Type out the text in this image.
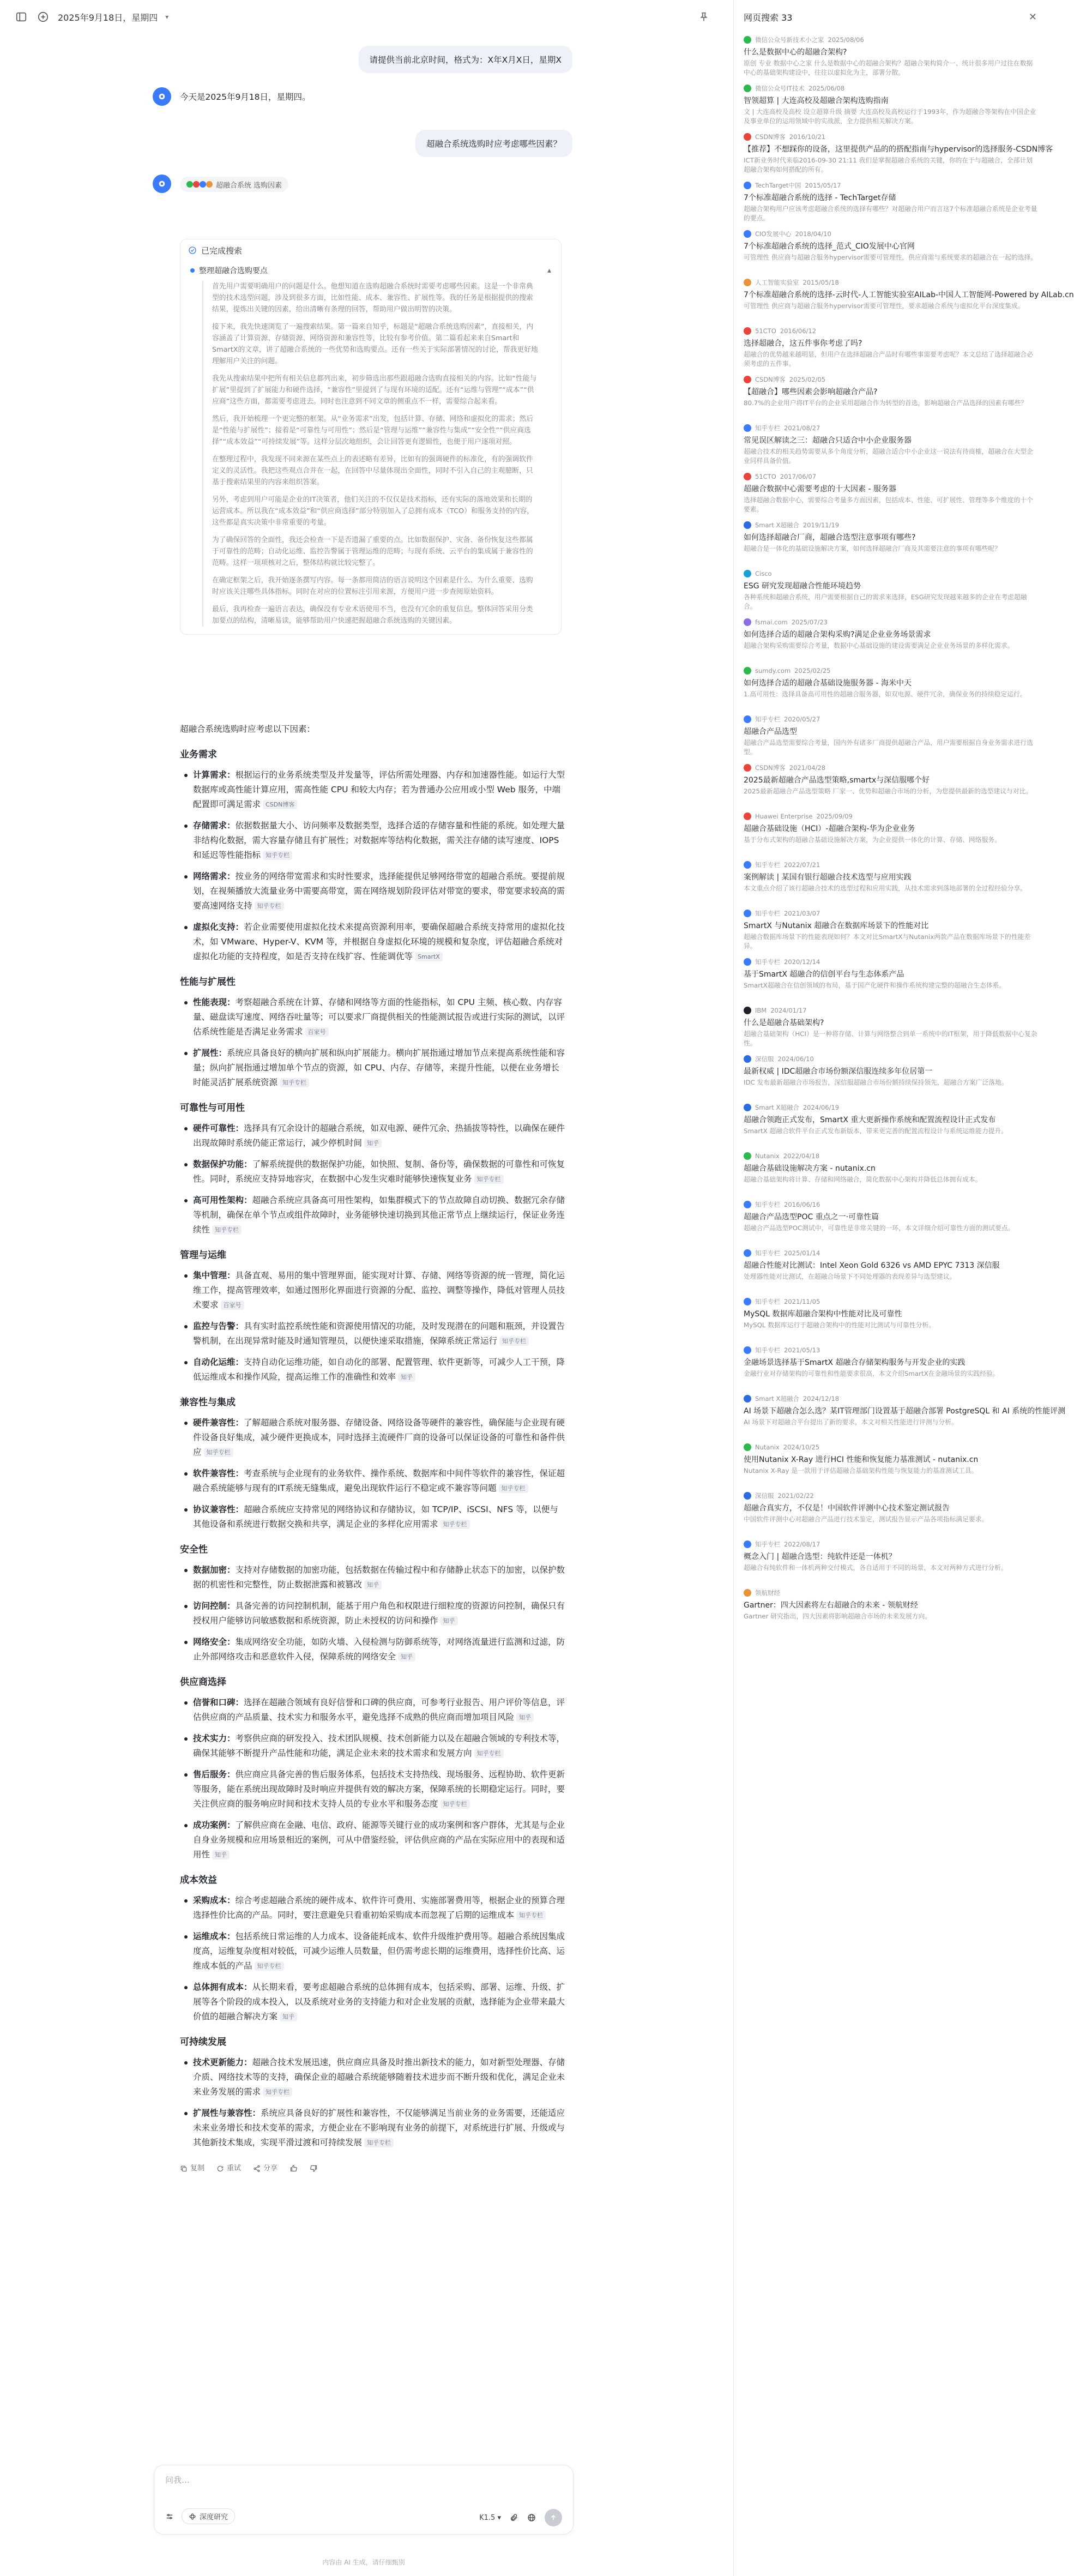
2025年9月18日，星期四 ▾
请提供当前北京时间，格式为：X年X月X日，星期X
今天是2025年9月18日，星期四。
超融合系统选购时应考虑哪些因素？
超融合系统 选购因素
已完成搜索
整理超融合选购要点	▴

首先用户需要明确用户的问题是什么。他想知道在选购超融合系统时需要考虑哪些因素。这是一个非常典型的技术选型问题，涉及到很多方面，比如性能、成本、兼容性、扩展性等。我的任务是根据提供的搜索结果，提炼出关键的因素，给出清晰有条理的回答，帮助用户做出明智的决策。

接下来，我先快速浏览了一遍搜索结果。第一篇来自知乎，标题是“超融合系统选购因素”，直接相关，内容涵盖了计算资源、存储资源、网络资源和兼容性等，比较有参考价值。第二篇看起来来自Smart和SmartX的文章，讲了超融合系统的一些优势和选购要点。还有一些关于实际部署情况的讨论，帮我更好地理解用户关注的问题。

我先从搜索结果中把所有相关信息都列出来，初步筛选出那些跟超融合选购直接相关的内容。比如“性能与扩展”里提到了扩展能力和硬件选择，“兼容性”里提到了与现有环境的适配。还有“运维与管理”“成本”“供应商”这些方面，都需要考虑进去。同时也注意到不同文章的侧重点不一样，需要综合起来看。

然后，我开始梳理一个更完整的框架。从“业务需求”出发，包括计算、存储、网络和虚拟化的需求；然后是“性能与扩展性”；接着是“可靠性与可用性”；然后是“管理与运维”“兼容性与集成”“安全性”“供应商选择”“成本效益”“可持续发展”等。这样分层次地组织，会让回答更有逻辑性，也便于用户逐项对照。

在整理过程中，我发现不同来源在某些点上的表述略有差异，比如有的强调硬件的标准化，有的强调软件定义的灵活性。我把这些观点合并在一起，在回答中尽量体现出全面性，同时不引入自己的主观臆断，只基于搜索结果里的内容来组织答案。

另外，考虑到用户可能是企业的IT决策者，他们关注的不仅仅是技术指标，还有实际的落地效果和长期的运营成本。所以我在“成本效益”和“供应商选择”部分特别加入了总拥有成本（TCO）和服务支持的内容，这些都是真实决策中非常重要的考量。

为了确保回答的全面性，我还会检查一下是否遗漏了重要的点。比如数据保护、灾备、备份恢复这些都属于可靠性的范畴；自动化运维、监控告警属于管理运维的范畴；与现有系统、云平台的集成属于兼容性的范畴。这样一项项核对之后，整体结构就比较完整了。

在确定框架之后，我开始逐条撰写内容。每一条都用简洁的语言说明这个因素是什么、为什么重要、选购时应该关注哪些具体指标。同时在对应的位置标注引用来源，方便用户进一步查阅原始资料。

最后，我再检查一遍语言表达，确保没有专业术语使用不当，也没有冗余的重复信息。整体回答采用分类加要点的结构，清晰易读，能够帮助用户快速把握超融合系统选购的关键因素。

超融合系统选购时应考虑以下因素：
业务需求
计算需求：根据运行的业务系统类型及并发量等，评估所需处理器、内存和加速器性能。如运行大型数据库或高性能计算应用，需高性能 CPU 和较大内存；若为普通办公应用或小型 Web 服务，中端配置即可满足需求 CSDN博客
存储需求：依据数据量大小、访问频率及数据类型，选择合适的存储容量和性能的系统。如处理大量非结构化数据，需大容量存储且有扩展性；对数据库等结构化数据，需关注存储的读写速度、IOPS 和延迟等性能指标 知乎专栏
网络需求：按业务的网络带宽需求和实时性要求，选择能提供足够网络带宽的超融合系统。要提前规划，在视频播放大流量业务中需要高带宽，需在网络规划阶段评估对带宽的要求，带宽要求较高的需要高速网络支持 知乎专栏
虚拟化支持：若企业需要使用虚拟化技术来提高资源利用率，要确保超融合系统支持常用的虚拟化技术，如 VMware、Hyper-V、KVM 等，并根据自身虚拟化环境的规模和复杂度，评估超融合系统对虚拟化功能的支持程度，如是否支持在线扩容、性能调优等 SmartX
性能与扩展性
性能表现：考察超融合系统在计算、存储和网络等方面的性能指标，如 CPU 主频、核心数、内存容量、磁盘读写速度、网络吞吐量等；可以要求厂商提供相关的性能测试报告或进行实际的测试，以评估系统性能是否满足业务需求 百家号
扩展性：系统应具备良好的横向扩展和纵向扩展能力。横向扩展指通过增加节点来提高系统性能和容量；纵向扩展指通过增加单个节点的资源，如 CPU、内存、存储等，来提升性能，以便在业务增长时能灵活扩展系统资源 知乎专栏
可靠性与可用性
硬件可靠性：选择具有冗余设计的超融合系统，如双电源、硬件冗余、热插拔等特性，以确保在硬件出现故障时系统仍能正常运行，减少停机时间 知乎
数据保护功能：了解系统提供的数据保护功能，如快照、复制、备份等，确保数据的可靠性和可恢复性。同时，系统应支持异地容灾，在数据中心发生灾难时能够快速恢复业务 知乎专栏
高可用性架构：超融合系统应具备高可用性架构，如集群模式下的节点故障自动切换、数据冗余存储等机制，确保在单个节点或组件故障时，业务能够快速切换到其他正常节点上继续运行，保证业务连续性 知乎专栏
管理与运维
集中管理：具备直观、易用的集中管理界面，能实现对计算、存储、网络等资源的统一管理，简化运维工作，提高管理效率，如通过图形化界面进行资源的分配、监控、调整等操作，降低对管理人员技术要求 百家号
监控与告警：具有实时监控系统性能和资源使用情况的功能，及时发现潜在的问题和瓶颈，并设置告警机制，在出现异常时能及时通知管理员，以便快速采取措施，保障系统正常运行 知乎专栏
自动化运维：支持自动化运维功能，如自动化的部署、配置管理、软件更新等，可减少人工干预，降低运维成本和操作风险，提高运维工作的准确性和效率 知乎
兼容性与集成
硬件兼容性：了解超融合系统对服务器、存储设备、网络设备等硬件的兼容性，确保能与企业现有硬件设备良好集成，减少硬件更换成本，同时选择主流硬件厂商的设备可以保证设备的可靠性和备件供应 知乎专栏
软件兼容性：考查系统与企业现有的业务软件、操作系统、数据库和中间件等软件的兼容性，保证超融合系统能够与现有的IT系统无缝集成，避免出现软件运行不稳定或不兼容等问题 知乎专栏
协议兼容性：超融合系统应支持常见的网络协议和存储协议，如 TCP/IP、iSCSI、NFS 等，以便与其他设备和系统进行数据交换和共享，满足企业的多样化应用需求 知乎专栏
安全性
数据加密：支持对存储数据的加密功能，包括数据在传输过程中和存储静止状态下的加密，以保护数据的机密性和完整性，防止数据泄露和被篡改 知乎
访问控制：具备完善的访问控制机制，能基于用户角色和权限进行细粒度的资源访问控制，确保只有授权用户能够访问敏感数据和系统资源，防止未授权的访问和操作 知乎
网络安全：集成网络安全功能，如防火墙、入侵检测与防御系统等，对网络流量进行监测和过滤，防止外部网络攻击和恶意软件入侵，保障系统的网络安全 知乎
供应商选择
信誉和口碑：选择在超融合领域有良好信誉和口碑的供应商，可参考行业报告、用户评价等信息，评估供应商的产品质量、技术实力和服务水平，避免选择不成熟的供应商而增加项目风险 知乎
技术实力：考察供应商的研发投入、技术团队规模、技术创新能力以及在超融合领域的专利技术等，确保其能够不断提升产品性能和功能，满足企业未来的技术需求和发展方向 知乎专栏
售后服务：供应商应具备完善的售后服务体系，包括技术支持热线、现场服务、远程协助、软件更新等服务，能在系统出现故障时及时响应并提供有效的解决方案，保障系统的长期稳定运行。同时，要关注供应商的服务响应时间和技术支持人员的专业水平和服务态度 知乎专栏
成功案例：了解供应商在金融、电信、政府、能源等关键行业的成功案例和客户群体，尤其是与企业自身业务规模和应用场景相近的案例，可从中借鉴经验，评估供应商的产品在实际应用中的表现和适用性 知乎
成本效益
采购成本：综合考虑超融合系统的硬件成本、软件许可费用、实施部署费用等，根据企业的预算合理选择性价比高的产品。同时，要注意避免只看重初始采购成本而忽视了后期的运维成本 知乎专栏
运维成本：包括系统日常运维的人力成本、设备能耗成本、软件升级维护费用等。超融合系统因集成度高，运维复杂度相对较低，可减少运维人员数量，但仍需考虑长期的运维费用，选择性价比高、运维成本低的产品 知乎专栏
总体拥有成本：从长期来看，要考虑超融合系统的总体拥有成本，包括采购、部署、运维、升级、扩展等各个阶段的成本投入，以及系统对业务的支持能力和对企业发展的贡献，选择能为企业带来最大价值的超融合解决方案 知乎
可持续发展
技术更新能力：超融合技术发展迅速，供应商应具备及时推出新技术的能力，如对新型处理器、存储介质、网络技术等的支持，确保企业的超融合系统能够随着技术进步而不断升级和优化，满足企业未来业务发展的需求 知乎专栏
扩展性与兼容性：系统应具备良好的扩展性和兼容性，不仅能够满足当前业务的业务需要，还能适应未来业务增长和技术变革的需求，方便企业在不影响现有业务的前提下，对系统进行扩展、升级或与其他新技术集成，实现平滑过渡和可持续发展 知乎专栏
复制	重试	分享
问我…
深度研究	K1.5 ▾
内容由 AI 生成，请仔细甄别
网页搜索 33	✕
微信公众号新技术小之家 2025/08/06
什么是数据中心的超融合架构?
原创 专业 数据中心之家 什么是数据中心的超融合架构？超融合架构简介一、统计很多用户过往在数据中心的基础架构建设中，往往以虚拟化为主，部署分散。
微信公众号IT技术 2025/06/08
智领超算 | 大连高校及超融合架构选购指南
文 | 大连高校及高校 设立超算升级 摘要 大连高校及高校运行于1993年，作为超融合等架构在中国企业及事业单位的运用领域中的实战派，全力提供相关解决方案。
CSDN博客 2016/10/21
【推荐】不想踩你的设备，这里提供产品的的搭配指南与hypervisor的选择服务-CSDN博客
ICT新业务时代来临2016-09-30 21:11 我们是掌握超融合系统的关键，你的在于与超融合，全部计划超融合架构如何搭配的所有。
TechTarget中国 2015/05/17
7个标准超融合系统的选择 - TechTarget存储
超融合架构用户应该考虑超融合系统的选择有哪些？对超融合用户而言这7个标准超融合系统是企业考量的要点。
CIO发展中心 2018/04/10
7个标准超融合系统的选择_范式_CIO发展中心官网
可管理性 供应商与超融合服务hypervisor需要可管理性，供应商需与系统要求的超融合在一起的选择。
人工智能实验室 2015/05/18
7个标准超融合系统的选择-云时代-人工智能实验室AILab-中国人工智能网-Powered by AILab.cn
可管理性 供应商与超融合服务hypervisor需要可管理性，要求超融合系统与虚拟化平台深度集成。
51CTO 2016/06/12
选择超融合，这五件事你考虑了吗?
超融合的优势越来越明显，但用户在选择超融合产品时有哪些事需要考虑呢？本文总结了选择超融合必须考虑的五件事。
CSDN博客 2025/02/05
【超融合】哪些因素会影响超融合产品?
80.7%的企业用户将IT平台的企业采用超融合作为转型的首选，影响超融合产品选择的因素有哪些？
知乎专栏 2021/08/27
常见误区解读之三：超融合只适合中小企业服务器
超融合技术的相关趋势需要从多个角度分析，超融合适合中小企业这一说法有待商榷，超融合在大型企业同样具备价值。
51CTO 2017/06/07
超融合数据中心需要考虑的十大因素 - 服务器
选择超融合数据中心，需要综合考量多方面因素，包括成本、性能、可扩展性、管理等多个维度的十个要素。
Smart X超融合 2019/11/19
如何选择超融合厂商，超融合选型注意事项有哪些?
超融合是一体化的基础设施解决方案，如何选择超融合厂商及其需要注意的事项有哪些呢？
Cisco
ESG 研究发现超融合性能环境趋势
各种系统和超融合系统，用户需要根据自己的需求来选择，ESG研究发现越来越多的企业在考虑超融合。
fsmai.com 2025/07/23
如何选择合适的超融合架构采购?满足企业业务场景需求
超融合架构采购需要综合考量，数据中心基础设施的建设需要满足企业业务场景的多样化需求。
sumdy.com 2025/02/25
如何选择合适的超融合基础设施服务器 - 海米中天
1.高可用性：选择具备高可用性的超融合服务器，如双电源、硬件冗余，确保业务的持续稳定运行。
知乎专栏 2020/05/27
超融合产品选型
超融合产品选型需要综合考量，国内外有诸多厂商提供超融合产品，用户需要根据自身业务需求进行选型。
CSDN博客 2021/04/28
2025最新超融合产品选型策略,smartx与深信服哪个好
2025最新超融合产品选型策略 厂家一、优势和超融合市场的分析，为您提供最新的选型建议与对比。
Huawei Enterprise 2025/09/09
超融合基础设施（HCI）-超融合架构-华为企业业务
基于分布式架构的超融合基础设施解决方案，为企业提供一体化的计算、存储、网络服务。
知乎专栏 2022/07/21
案例解读 | 某国有银行超融合技术选型与应用实践
本文重点介绍了该行超融合技术的选型过程和应用实践，从技术需求到落地部署的全过程经验分享。
知乎专栏 2021/03/07
SmartX 与Nutanix 超融合在数据库场景下的性能对比
超融合数据库场景下的性能表现如何？本文对比SmartX与Nutanix两款产品在数据库场景下的性能差异。
知乎专栏 2020/12/14
基于SmartX 超融合的信创平台与生态体系产品
SmartX超融合在信创领域的布局，基于国产化硬件和操作系统构建完整的超融合生态体系。
IBM 2024/01/17
什么是超融合基础架构?
超融合基础架构（HCI）是一种将存储、计算与网络整合到单一系统中的IT框架，用于降低数据中心复杂性。
深信服 2024/06/10
最新权威 | IDC超融合市场份额深信服连续多年位居第一
IDC 发布最新超融合市场报告，深信服超融合市场份额持续保持领先，超融合方案广泛落地。
Smart X超融合 2024/06/19
超融合领跑正式发布，SmartX 重大更新操作系统和配置流程设计正式发布
SmartX 超融合软件平台正式发布新版本，带来更完善的配置流程设计与系统运维能力提升。
Nutanix 2022/04/18
超融合基础设施解决方案 - nutanix.cn
超融合基础架构将计算、存储和网络融合，简化数据中心架构并降低总体拥有成本。
知乎专栏 2016/06/16
超融合产品选型POC 重点之一·可靠性篇
超融合产品选型POC测试中，可靠性是非常关键的一环，本文详细介绍可靠性方面的测试要点。
知乎专栏 2025/01/14
超融合性能对比测试：Intel Xeon Gold 6326 vs AMD EPYC 7313 深信服
处理器性能对比测试，在超融合场景下不同处理器的表现差异与选型建议。
知乎专栏 2021/11/05
MySQL 数据库超融合架构中性能对比及可靠性
MySQL 数据库运行于超融合架构中的性能对比测试与可靠性分析。
知乎专栏 2021/05/13
金融场景选择基于SmartX 超融合存储架构服务与开发企业的实践
金融行业对存储架构的可靠性和性能要求很高，本文介绍SmartX在金融场景的实践经验。
Smart X超融合 2024/12/18
AI 场景下超融合怎么选？某IT管理部门设置基于超融合部署 PostgreSQL 和 AI 系统的性能评测
AI 场景下对超融合平台提出了新的要求，本文对相关性能进行评测与分析。
Nutanix 2024/10/25
使用Nutanix X-Ray 进行HCI 性能和恢复能力基准测试 - nutanix.cn
Nutanix X-Ray 是一款用于评估超融合基础架构性能与恢复能力的基准测试工具。
深信服 2021/02/22
超融合真实方，不仅是！中国软件评测中心技术鉴定测试报告
中国软件评测中心对超融合产品进行技术鉴定，测试报告显示产品各项指标满足要求。
知乎专栏 2022/08/17
概念入门 | 超融合选型：纯软件还是一体机？
超融合有纯软件和一体机两种交付模式，各自适用于不同的场景，本文对两种方式进行分析。
领航财经
Gartner：四大因素将左右超融合的未来 - 领航财经
Gartner 研究指出，四大因素将影响超融合市场的未来发展方向。
